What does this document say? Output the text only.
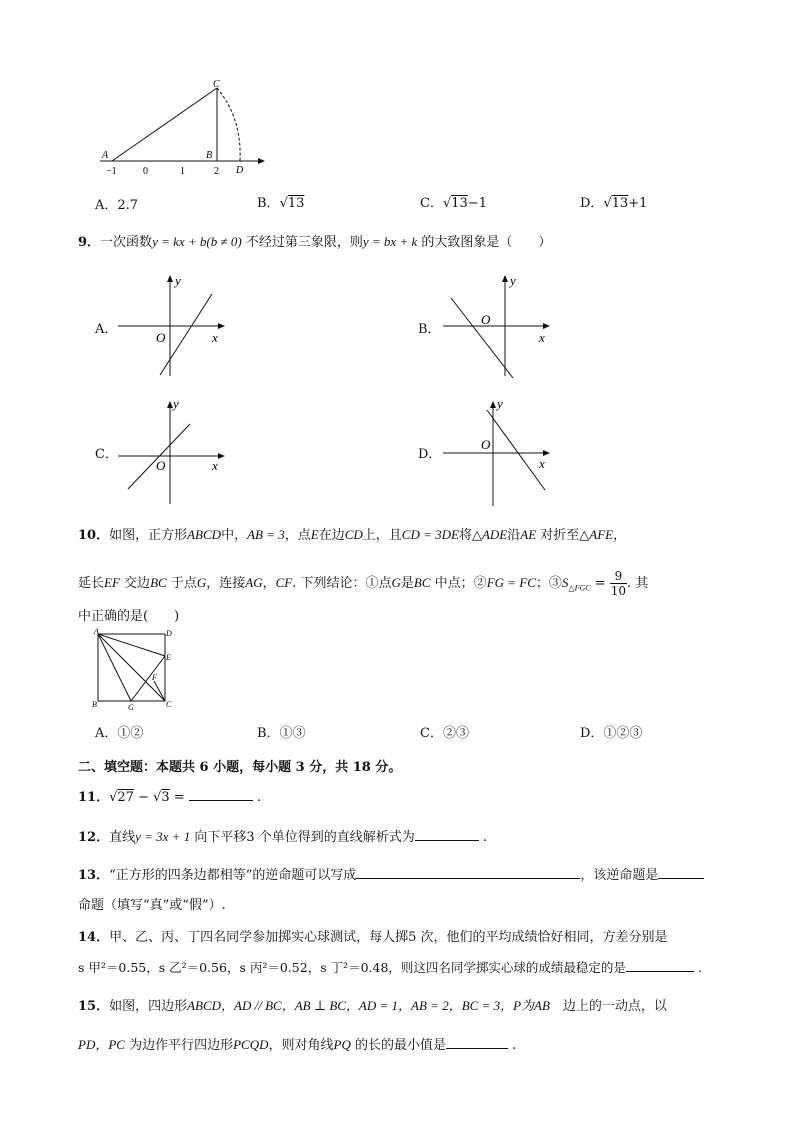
A
C
B
D
−1	0	1	2
A．2.7	B．√13	C．√13−1	D．√13+1
9．一次函数y = kx + b(b ≠ 0) 不经过第三象限，则y = bx + k 的大致图象是（　　）
A．
y
x
O
B．
y
x
O
C．
y
x
O
D．
y
x
O
10．如图，正方形ABCD中，AB = 3，点E在边CD上，且CD = 3DE将△ADE沿AE 对折至△AFE，
延长EF 交边BC 于点G，连接AG，CF. 下列结论：①点G是BC 中点；②FG = FC；$③S_{\triangle FGC} = \frac{9}{10}$ . 其
中正确的是(　　)
A	D
E
F
B	G	C
A．①②	B．①③	C．②③	D．①②③
二、填空题：本题共 6 小题，每小题 3 分，共 18 分。
11．√27 − √3 =	.
12．直线y = 3x + 1 向下平移3 个单位得到的直线解析式为	.
13．“正方形的四条边都相等”的逆命题可以写成	，该逆命题是
命题（填写“真”或“假”）.
14．甲、乙、丙、丁四名同学参加掷实心球测试，每人掷5 次，他们的平均成绩恰好相同，方差分别是
s 甲²＝0.55，s 乙²＝0.56，s 丙²＝0.52，s 丁²＝0.48，则这四名同学掷实心球的成绩最稳定的是	.
15．如图，四边形ABCD，AD // BC，AB ⊥ BC，AD = 1，AB = 2，BC = 3，P为AB　 边上的一动点，以
PD，PC 为边作平行四边形PCQD，则对角线PQ 的长的最小值是	.
